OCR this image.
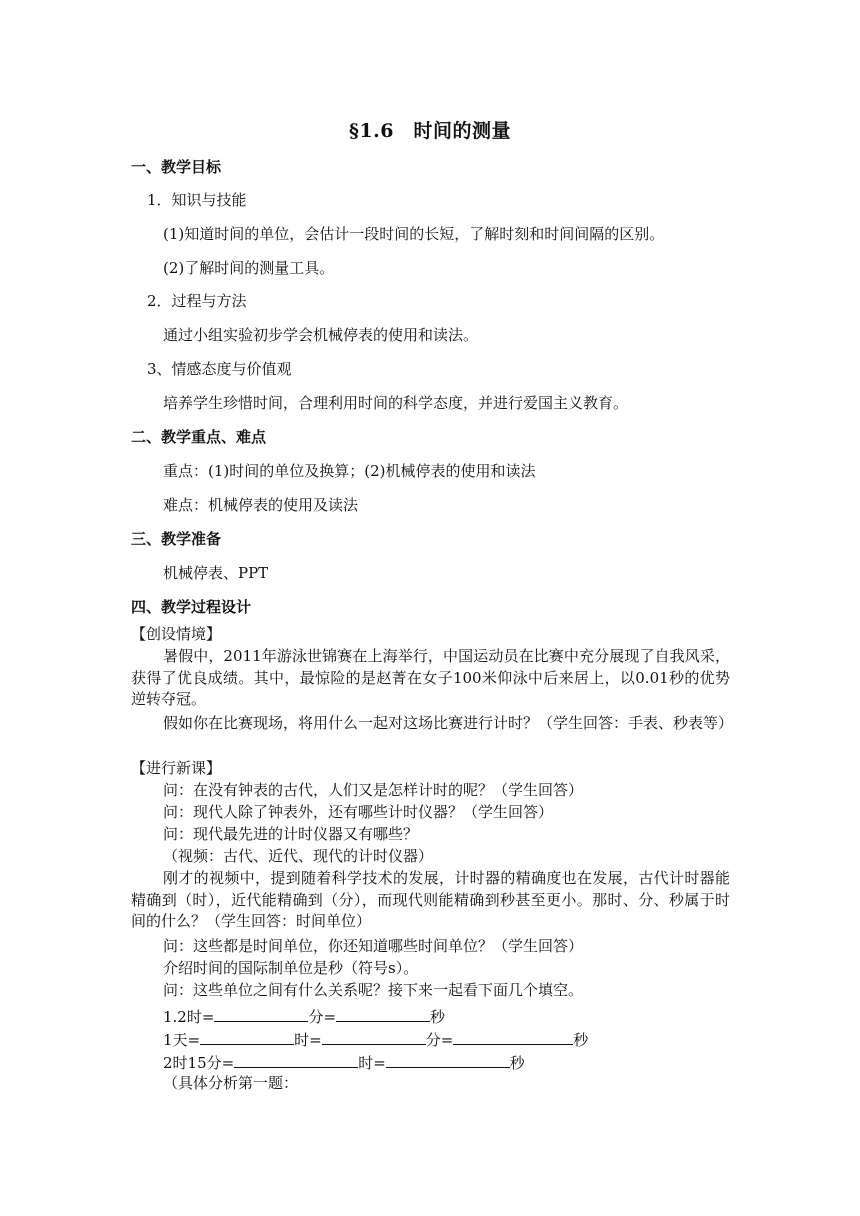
§1.6　时间的测量
一、教学目标
1．知识与技能
(1)知道时间的单位，会估计一段时间的长短，了解时刻和时间间隔的区别。
(2)了解时间的测量工具。
2．过程与方法
通过小组实验初步学会机械停表的使用和读法。
3、情感态度与价值观
培养学生珍惜时间，合理利用时间的科学态度，并进行爱国主义教育。
二、教学重点、难点
重点：(1)时间的单位及换算；(2)机械停表的使用和读法
难点：机械停表的使用及读法
三、教学准备
机械停表、PPT
四、教学过程设计
【创设情境】
暑假中，2011年游泳世锦赛在上海举行，中国运动员在比赛中充分展现了自我风采，获得了优良成绩。其中，最惊险的是赵菁在女子100米仰泳中后来居上，以0.01秒的优势逆转夺冠。
假如你在比赛现场，将用什么一起对这场比赛进行计时？（学生回答：手表、秒表等）
【进行新课】
问：在没有钟表的古代，人们又是怎样计时的呢？（学生回答）
问：现代人除了钟表外，还有哪些计时仪器？（学生回答）
问：现代最先进的计时仪器又有哪些？
（视频：古代、近代、现代的计时仪器）
刚才的视频中，提到随着科学技术的发展，计时器的精确度也在发展，古代计时器能精确到（时），近代能精确到（分），而现代则能精确到秒甚至更小。那时、分、秒属于时间的什么？（学生回答：时间单位）
问：这些都是时间单位，你还知道哪些时间单位？（学生回答）
介绍时间的国际制单位是秒（符号s）。
问：这些单位之间有什么关系呢？接下来一起看下面几个填空。
1.2时=	分=	秒
1天=	时=	分=	秒
2时15分=	时=	秒
（具体分析第一题：
